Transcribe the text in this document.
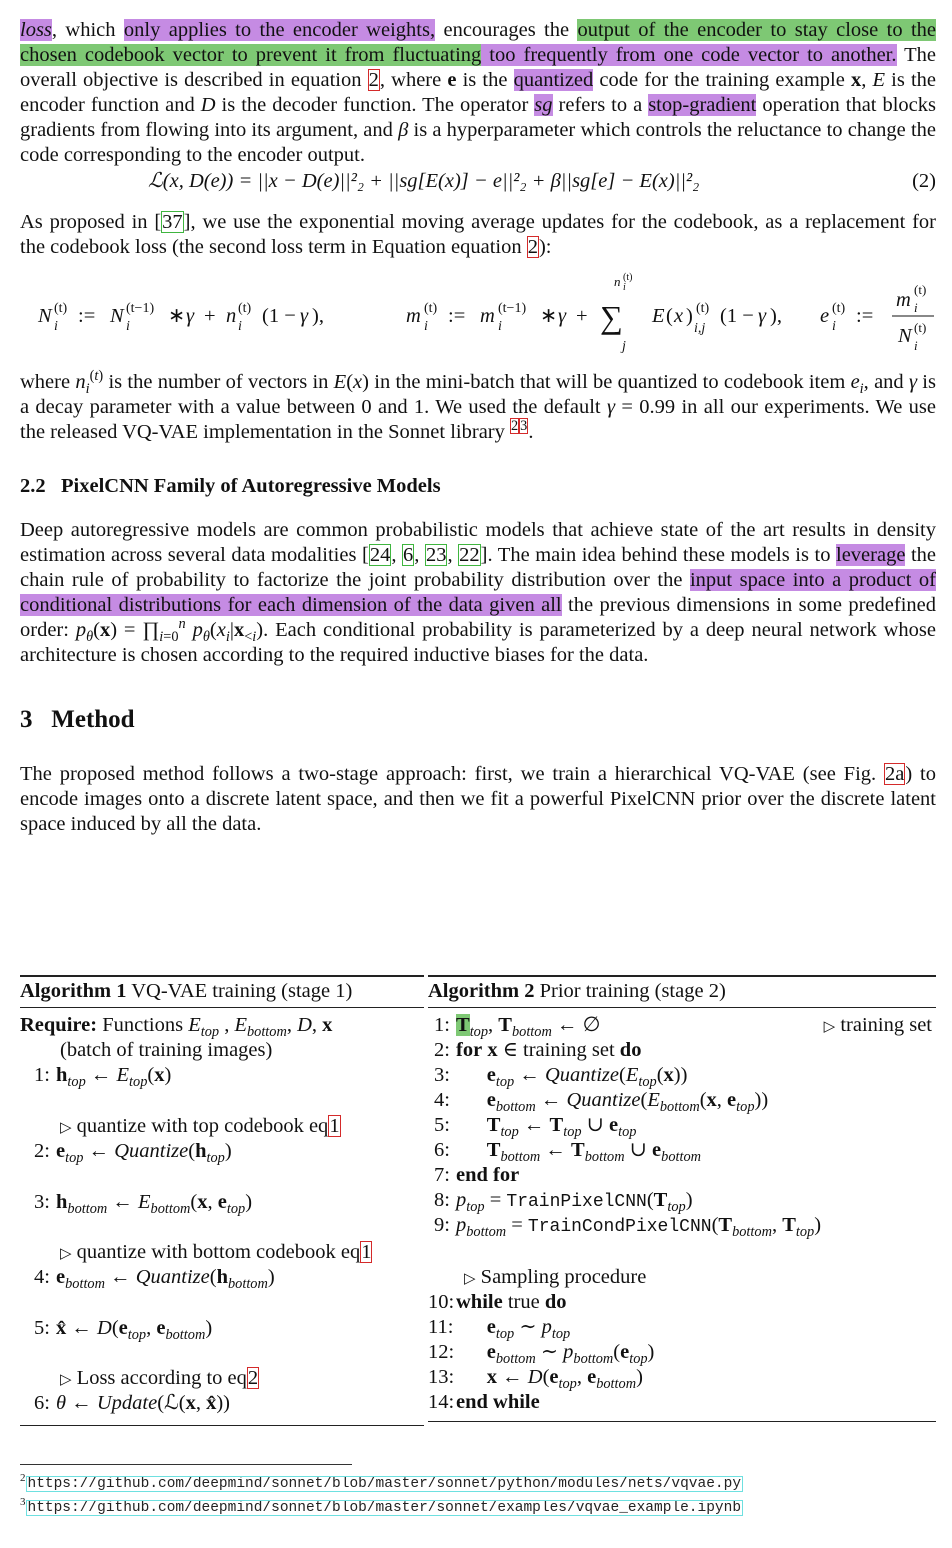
loss, which only applies to the encoder weights, encourages the output of the encoder to stay close to the chosen codebook vector to prevent it from fluctuating too frequently from one code vector to another. The overall objective is described in equation 2, where e is the quantized code for the training example x, E is the encoder function and D is the decoder function. The operator sg refers to a stop-gradient operation that blocks gradients from flowing into its argument, and β is a hyperparameter which controls the reluctance to change the code corresponding to the encoder output.

ℒ(x, D(e)) = ||x − D(e)||²₂ + ||sg[E(x)] − e||²₂ + β||sg[e] − E(x)||²₂	(2)

As proposed in [37], we use the exponential moving average updates for the codebook, as a replacement for the codebook loss (the second loss term in Equation equation 2):

N i
(t) := N i
(t−1) ∗ γ + n i
(t) (1 − γ ),	m i
(t) := m i
(t−1) ∗ γ + ∑
n i
(t)
j
E ( x )
i,j
(t) (1 − γ ), e i
(t) :=
m i
(t)
N i
(t)

where $n_i^{(t)}$ is the number of vectors in E(x) in the mini-batch that will be quantized to codebook item $e_i$, and γ is a decay parameter with a value between 0 and 1. We used the default γ = 0.99 in all our experiments. We use the released VQ-VAE implementation in the Sonnet library $^2$ $^3$.

2.2 PixelCNN Family of Autoregressive Models

Deep autoregressive models are common probabilistic models that achieve state of the art results in density estimation across several data modalities [24, 6, 23, 22]. The main idea behind these models is to leverage the chain rule of probability to factorize the joint probability distribution over the input space into a product of conditional distributions for each dimension of the data given all the previous dimensions in some predefined order: $p_\theta(x)$ = $\prod_{i=0}^n$ $p_\theta(x_i|x_{<i})$. Each conditional probability is parameterized by a deep neural network whose architecture is chosen according to the required inductive biases for the data.

3 Method

The proposed method follows a two-stage approach: first, we train a hierarchical VQ-VAE (see Fig. 2a) to encode images onto a discrete latent space, and then we fit a powerful PixelCNN prior over the discrete latent space induced by all the data.

Algorithm 1 VQ-VAE training (stage 1)
Require: Functions $E_{top}$ , $E_{bottom}$, D, x
(batch of training images)
1: $h_{top}$ ← $E_{top}(x)$
▷ quantize with top codebook eq1
2: $e_{top}$ ← $Quantize(h_{top})$
3: $h_{bottom}$ ← $E_{bottom}(x$, $e_{top}$)
▷ quantize with bottom codebook eq1
4: $e_{bottom}$ ← $Quantize(h_{bottom})$
5: x̂ ← $D(e_{top}$, $e_{bottom}$)
▷ Loss according to eq2
6: θ ← Update(ℒ(x, x̂))
Algorithm 2 Prior training (stage 2)
1: $T_{top}$, $T_{bottom}$ ← ∅	▷ training set
2: for x ∈ training set do
3: $e_{top}$ ← $Quantize(E_{top}(x))$
4: $e_{bottom}$ ← $Quantize(E_{bottom}(x$, $e_{top}$))
5: $T_{top}$ ← $T_{top}$ ∪ $e_{top}$
6: $T_{bottom}$ ← $T_{bottom}$ ∪ $e_{bottom}$
7: end for
8: $p_{top}$ = $TrainPixelCNN(T_{top})$
9: $p_{bottom}$ = $TrainCondPixelCNN(T_{bottom}$, $T_{top}$)
▷ Sampling procedure
10:while true do
11: $e_{top}$ ∼ $p_{top}$
12: $e_{bottom}$ ∼ $p_{bottom}(e_{top})$
13: x ← $D(e_{top}$, $e_{bottom}$)
14:end while
$^2$ https://github.com/deepmind/sonnet/blob/master/sonnet/python/modules/nets/vqvae.py
$^3$ https://github.com/deepmind/sonnet/blob/master/sonnet/examples/vqvae_example.ipynb
